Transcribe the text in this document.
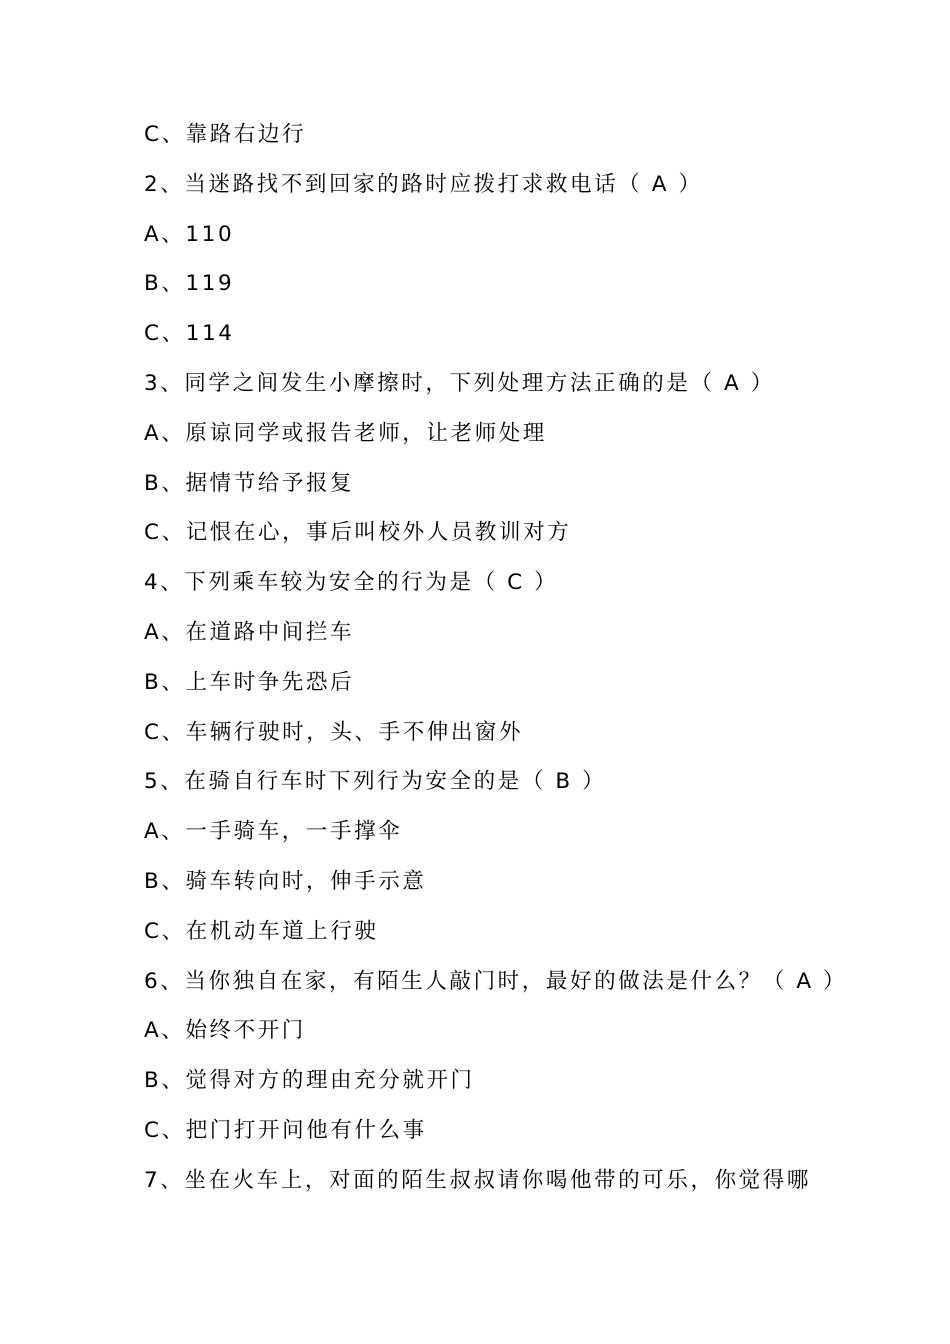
C、靠路右边行
2、当迷路找不到回家的路时应拨打求救电话（ A ）
A、110
B、119
C、114
3、同学之间发生小摩擦时，下列处理方法正确的是（ A ）
A、原谅同学或报告老师，让老师处理
B、据情节给予报复
C、记恨在心，事后叫校外人员教训对方
4、下列乘车较为安全的行为是（ C ）
A、在道路中间拦车
B、上车时争先恐后
C、车辆行驶时，头、手不伸出窗外
5、在骑自行车时下列行为安全的是（ B ）
A、一手骑车，一手撑伞
B、骑车转向时，伸手示意
C、在机动车道上行驶
6、当你独自在家，有陌生人敲门时，最好的做法是什么？（ A ）
A、始终不开门
B、觉得对方的理由充分就开门
C、把门打开问他有什么事
7、坐在火车上，对面的陌生叔叔请你喝他带的可乐，你觉得哪
